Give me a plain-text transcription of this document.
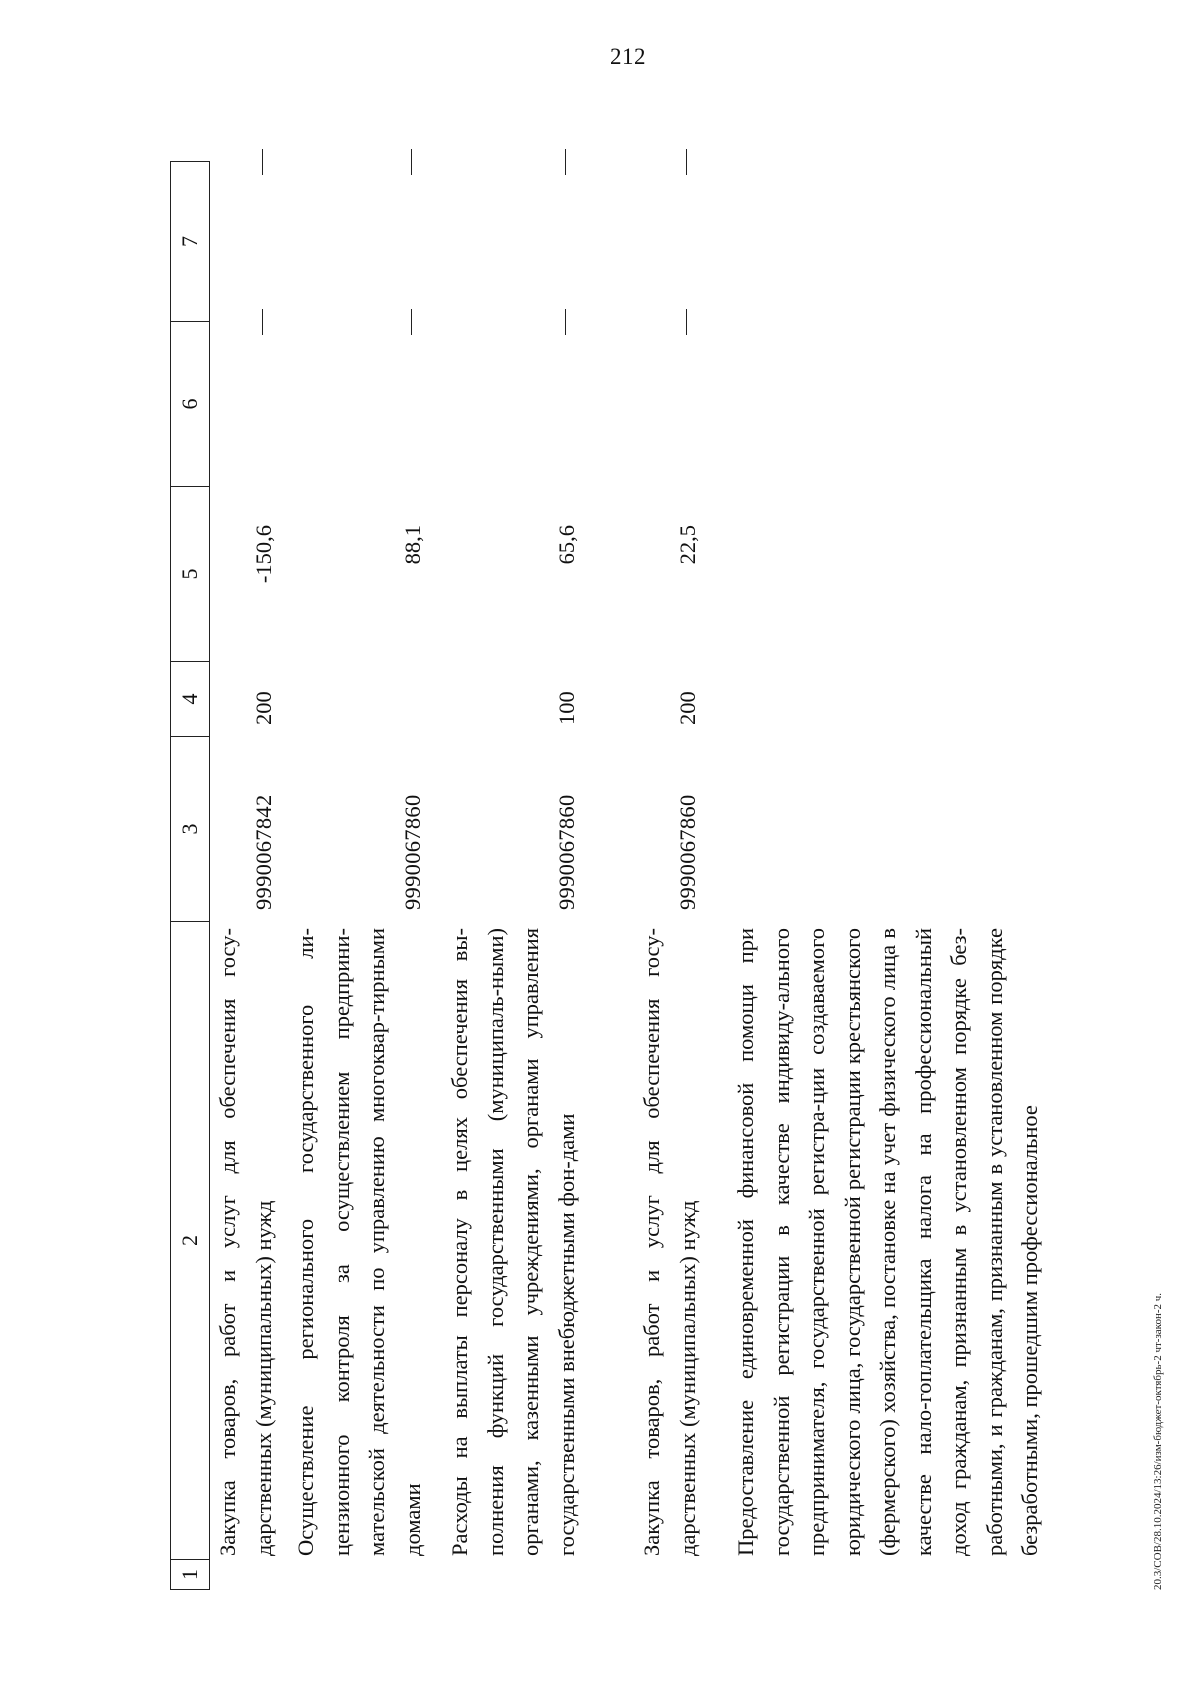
212
1
2
3
4
5
6
7
Закупка товаров, работ и услуг для обеспечения госу-дарственных (муниципальных) нужд
9990067842
200
-150,6
Осуществление регионального государственного ли-цензионного контроля за осуществлением предприни-мательской деятельности по управлению многоквар-тирными домами
9990067860
88,1
Расходы на выплаты персоналу в целях обеспечения вы-полнения функций государственными (муниципаль-ными) органами, казенными учреждениями, органами управления государственными внебюджетными фон-дами
9990067860
100
65,6
Закупка товаров, работ и услуг для обеспечения госу-дарственных (муниципальных) нужд
9990067860
200
22,5
Предоставление единовременной финансовой помощи при государственной регистрации в качестве индивиду-ального предпринимателя, государственной регистра-ции создаваемого юридического лица, государственной регистрации крестьянского (фермерского) хозяйства, постановке на учет физического лица в качестве нало-гоплательщика налога на профессиональный доход гражданам, признанным в установленном порядке без-работными, и гражданам, признанным в установленном порядке безработными, прошедшим профессиональное	20.3/СОВ/28.10.2024/13:26/изм-бюджет-октябрь-2 чт-закон-2 ч.
